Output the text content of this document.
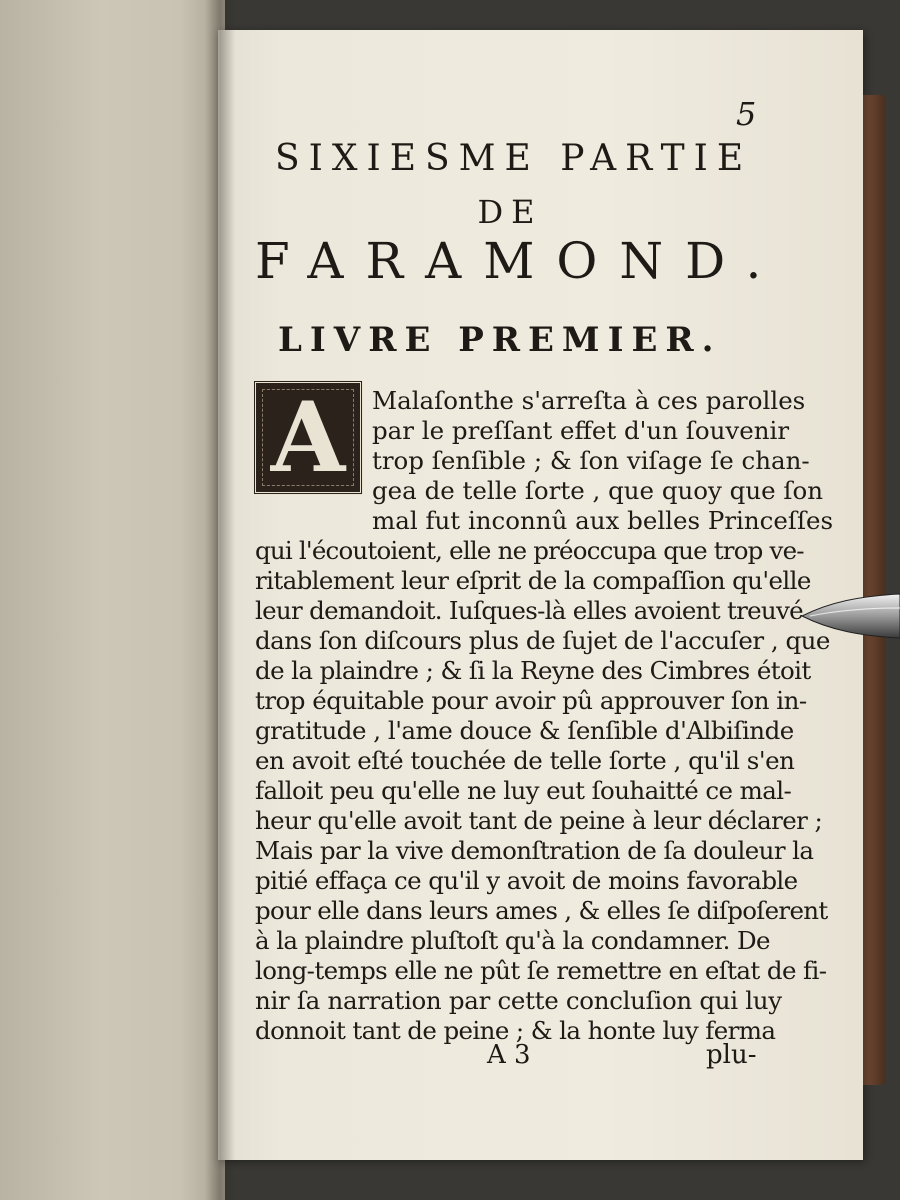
5
SIXIESME PARTIE
DE
FARAMOND.
LIVRE PREMIER.
A	Malaſonthe s'arreſta à ces parolles
par le preſſant effet d'un ſouvenir
trop ſenſible ; & ſon viſage ſe chan-
gea de telle ſorte , que quoy que ſon
mal fut inconnû aux belles Princeſſes
qui l'écoutoient, elle ne préoccupa que trop ve-
ritablement leur eſprit de la compaſſion qu'elle
leur demandoit. Iuſques-là elles avoient treuvé
dans ſon diſcours plus de ſujet de l'accuſer , que
de la plaindre ; & ſi la Reyne des Cimbres étoit
trop équitable pour avoir pû approuver ſon in-
gratitude , l'ame douce & ſenſible d'Albiſinde
en avoit eſté touchée de telle ſorte , qu'il s'en
falloit peu qu'elle ne luy eut ſouhaitté ce mal-
heur qu'elle avoit tant de peine à leur déclarer ;
Mais par la vive demonſtration de ſa douleur la
pitié effaça ce qu'il y avoit de moins favorable
pour elle dans leurs ames , & elles ſe diſpoſerent
à la plaindre pluſtoſt qu'à la condamner. De
long-temps elle ne pût ſe remettre en eſtat de fi-
nir ſa narration par cette concluſion qui luy
donnoit tant de peine ; & la honte luy ferma
A 3	plu-
